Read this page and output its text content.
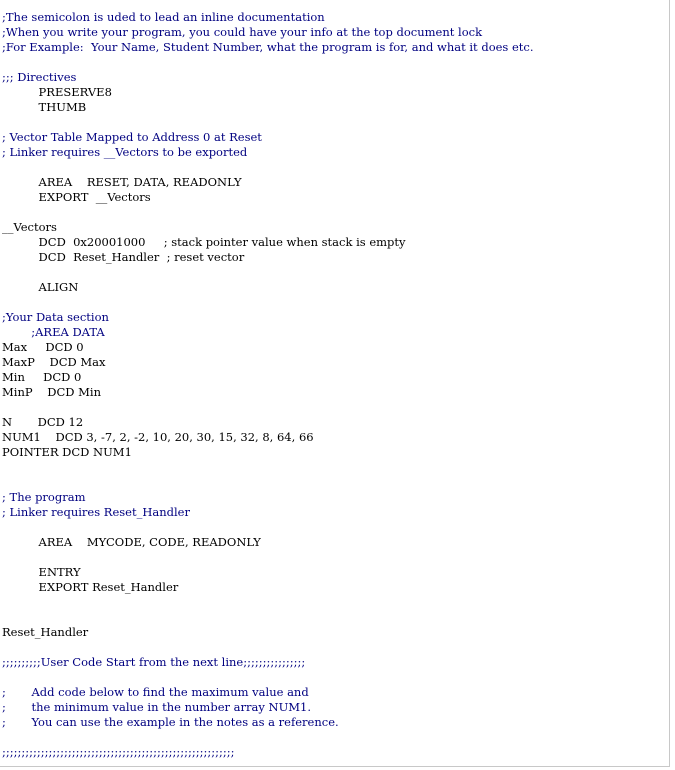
;The semicolon is uded to lead an inline documentation
;When you write your program, you could have your info at the top document lock
;For Example:  Your Name, Student Number, what the program is for, and what it does etc.
;;; Directives
PRESERVE8
THUMB
; Vector Table Mapped to Address 0 at Reset
; Linker requires __Vectors to be exported
AREA    RESET, DATA, READONLY
EXPORT  __Vectors
__Vectors
DCD  0x20001000     ; stack pointer value when stack is empty
DCD  Reset_Handler  ; reset vector
ALIGN
;Your Data section
;AREA DATA
Max     DCD 0
MaxP    DCD Max
Min     DCD 0
MinP    DCD Min
N       DCD 12
NUM1    DCD 3, -7, 2, -2, 10, 20, 30, 15, 32, 8, 64, 66
POINTER DCD NUM1
; The program
; Linker requires Reset_Handler
AREA    MYCODE, CODE, READONLY
ENTRY
EXPORT Reset_Handler
Reset_Handler
;;;;;;;;;;User Code Start from the next line;;;;;;;;;;;;;;;;
;       Add code below to find the maximum value and
;       the minimum value in the number array NUM1.
;       You can use the example in the notes as a reference.
;;;;;;;;;;;;;;;;;;;;;;;;;;;;;;;;;;;;;;;;;;;;;;;;;;;;;;;;;;;;
